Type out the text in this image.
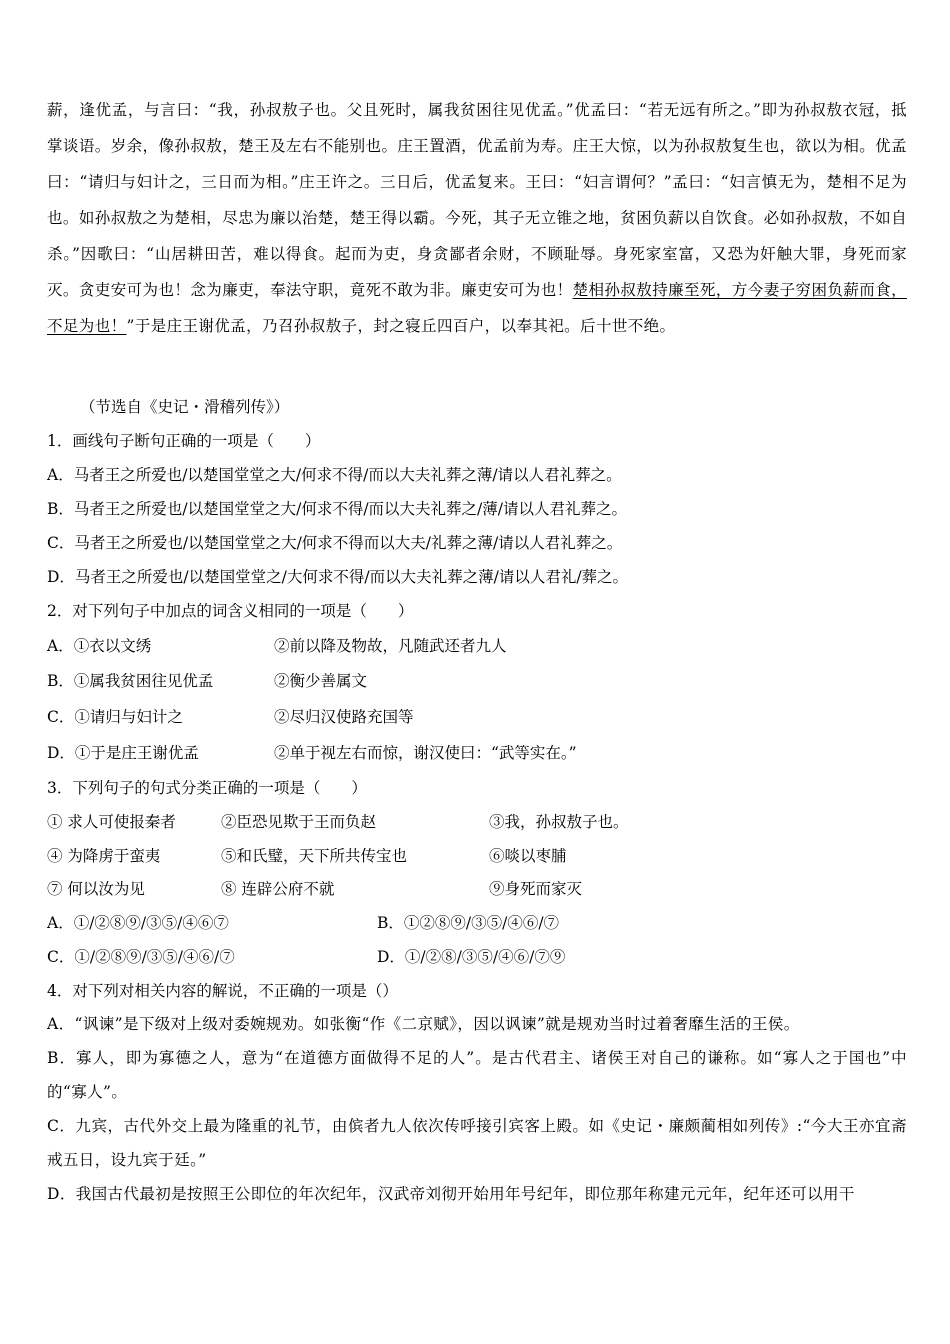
薪，逢优孟，与言曰：“我，孙叔敖子也。父且死时，属我贫困往见优孟。”优孟曰：“若无远有所之。”即为孙叔敖衣冠，抵掌谈语。岁余，像孙叔敖，楚王及左右不能别也。庄王置酒，优孟前为寿。庄王大惊，以为孙叔敖复生也，欲以为相。优孟曰：“请归与妇计之，三日而为相。”庄王许之。三日后，优孟复来。王曰：“妇言谓何？”孟曰：“妇言慎无为，楚相不足为也。如孙叔敖之为楚相，尽忠为廉以治楚，楚王得以霸。今死，其子无立锥之地，贫困负薪以自饮食。必如孙叔敖，不如自杀。”因歌曰：“山居耕田苦，难以得食。起而为吏，身贪鄙者余财，不顾耻辱。身死家室富，又恐为奸触大罪，身死而家灭。贪吏安可为也！念为廉吏，奉法守职，竟死不敢为非。廉吏安可为也！楚相孙叔敖持廉至死，方今妻子穷困负薪而食，不足为也！”于是庄王谢优孟，乃召孙叔敖子，封之寝丘四百户，以奉其祀。后十世不绝。
（节选自《史记・滑稽列传》）
1．画线句子断句正确的一项是（　　）
A．马者王之所爱也/以楚国堂堂之大/何求不得/而以大夫礼葬之薄/请以人君礼葬之。
B．马者王之所爱也/以楚国堂堂之大/何求不得/而以大夫礼葬之/薄/请以人君礼葬之。
C．马者王之所爱也/以楚国堂堂之大/何求不得而以大夫/礼葬之薄/请以人君礼葬之。
D．马者王之所爱也/以楚国堂堂之/大何求不得/而以大夫礼葬之薄/请以人君礼/葬之。
2．对下列句子中加点的词含义相同的一项是（　　）
A．①衣以文绣	②前以降及物故，凡随武还者九人
B．①属我贫困往见优孟	②衡少善属文
C．①请归与妇计之	②尽归汉使路充国等
D．①于是庄王谢优孟	②单于视左右而惊，谢汉使曰：“武等实在。”
3．下列句子的句式分类正确的一项是（　　）
① 求人可使报秦者	②臣恐见欺于王而负赵	③我，孙叔敖子也。
④ 为降虏于蛮夷	⑤和氏璧，天下所共传宝也	⑥啖以枣脯
⑦ 何以汝为见	⑧ 连辟公府不就	⑨身死而家灭
A．①/②⑧⑨/③⑤/④⑥⑦	B．①②⑧⑨/③⑤/④⑥/⑦
C．①/②⑧⑨/③⑤/④⑥/⑦	D．①/②⑧/③⑤/④⑥/⑦⑨
4．对下列对相关内容的解说，不正确的一项是（）
A．“讽谏”是下级对上级对委婉规劝。如张衡“作《二京赋》，因以讽谏”就是规劝当时过着奢靡生活的王侯。
B．寡人，即为寡德之人，意为“在道德方面做得不足的人”。是古代君主、诸侯王对自己的谦称。如“寡人之于国也”中的“寡人”。
C．九宾，古代外交上最为隆重的礼节，由傧者九人依次传呼接引宾客上殿。如《史记・廉颇蔺相如列传》:“今大王亦宜斋戒五日，设九宾于廷。”
D．我国古代最初是按照王公即位的年次纪年，汉武帝刘彻开始用年号纪年，即位那年称建元元年，纪年还可以用干
